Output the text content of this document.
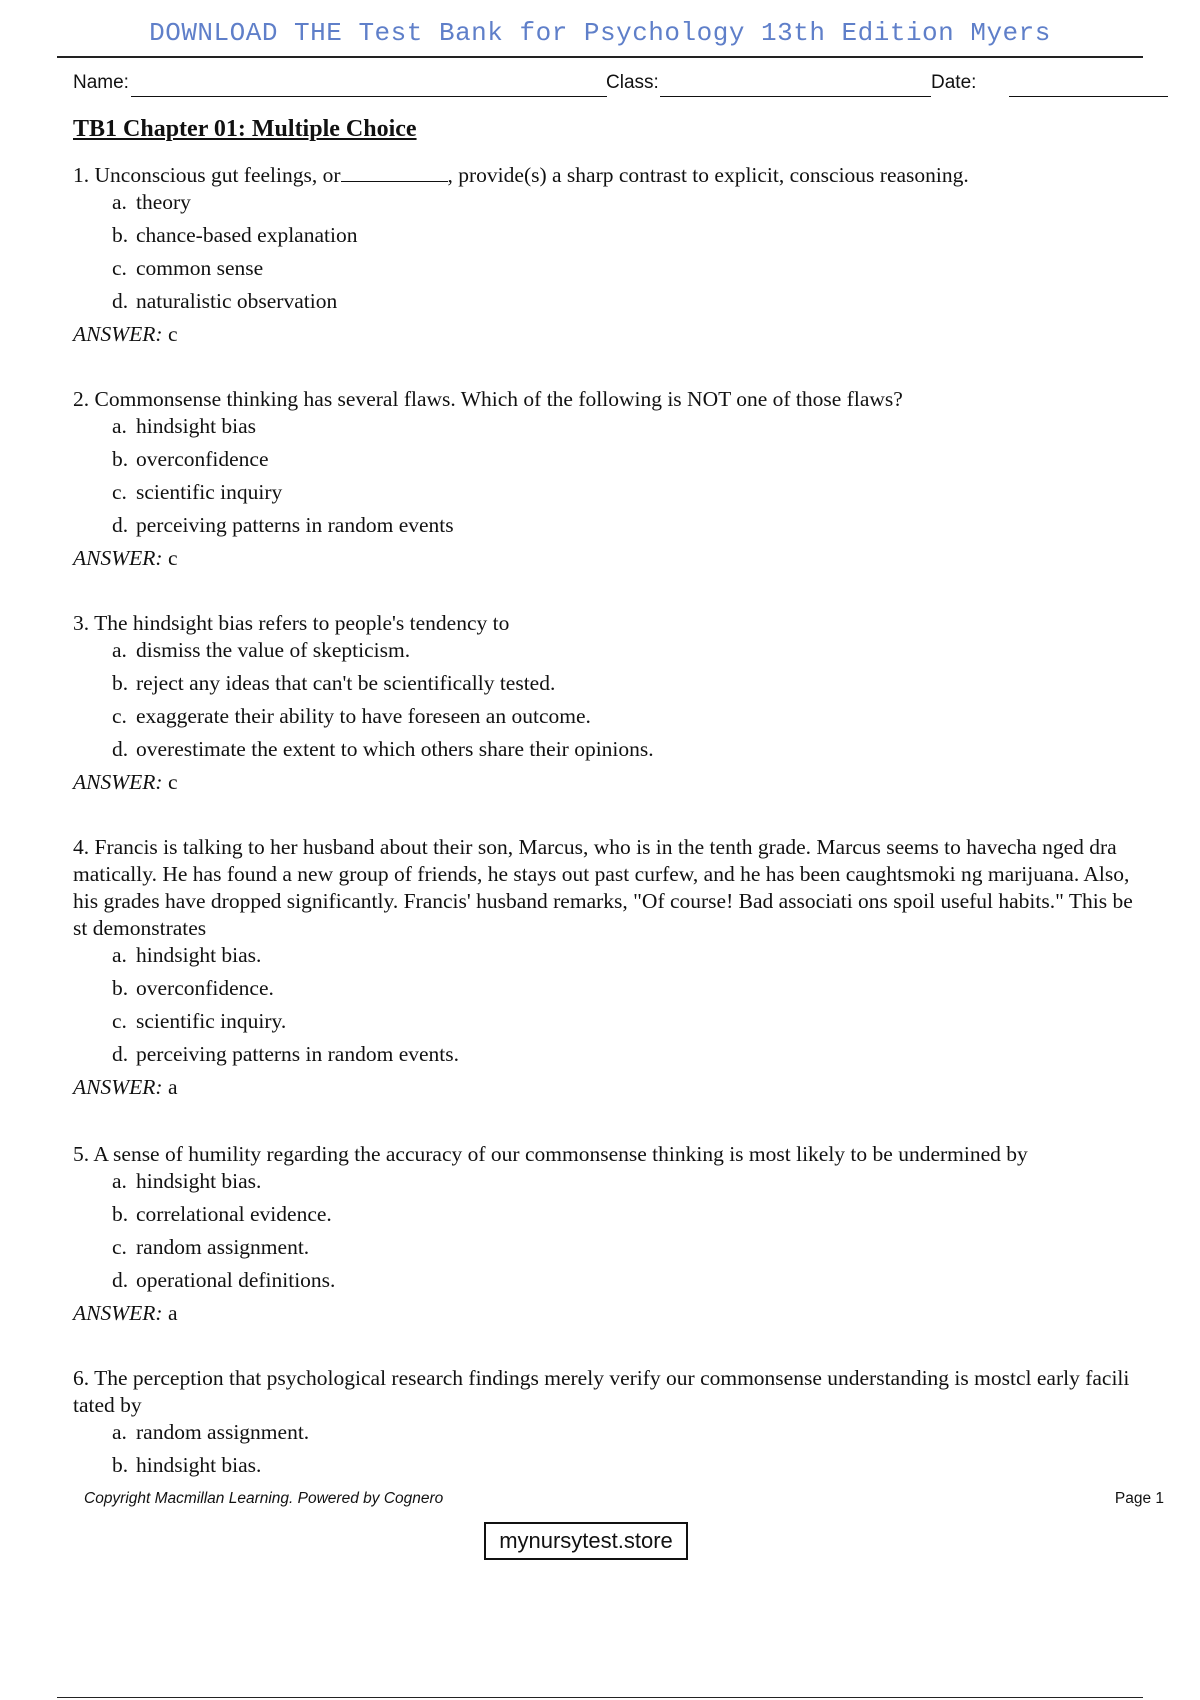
DOWNLOAD THE Test Bank for Psychology 13th Edition Myers
Name:	Class:	Date:
TB1 Chapter 01: Multiple Choice

1. Unconscious gut feelings, or	, provide(s) a sharp contrast to explicit, conscious reasoning.

a. theory
b. chance-based explanation
c. common sense
d. naturalistic observation
ANSWER: c

2. Commonsense thinking has several flaws. Which of the following is NOT one of those flaws?

a. hindsight bias
b. overconfidence
c. scientific inquiry
d. perceiving patterns in random events
ANSWER: c

3. The hindsight bias refers to people's tendency to

a. dismiss the value of skepticism.
b. reject any ideas that can't be scientifically tested.
c. exaggerate their ability to have foreseen an outcome.
d. overestimate the extent to which others share their opinions.
ANSWER: c

4. Francis is talking to her husband about their son, Marcus, who is in the tenth grade. Marcus seems to havecha nged dramatically. He has found a new group of friends, he stays out past curfew, and he has been caughtsmoki ng marijuana. Also, his grades have dropped significantly. Francis' husband remarks, "Of course! Bad associati ons spoil useful habits." This best demonstrates

a. hindsight bias.
b. overconfidence.
c. scientific inquiry.
d. perceiving patterns in random events.
ANSWER: a

5. A sense of humility regarding the accuracy of our commonsense thinking is most likely to be undermined by

a. hindsight bias.
b. correlational evidence.
c. random assignment.
d. operational definitions.
ANSWER: a

6. The perception that psychological research findings merely verify our commonsense understanding is mostcl early facilitated by

a. random assignment.
b. hindsight bias.
Copyright Macmillan Learning. Powered by Cognero	Page 1
mynursytest.store
